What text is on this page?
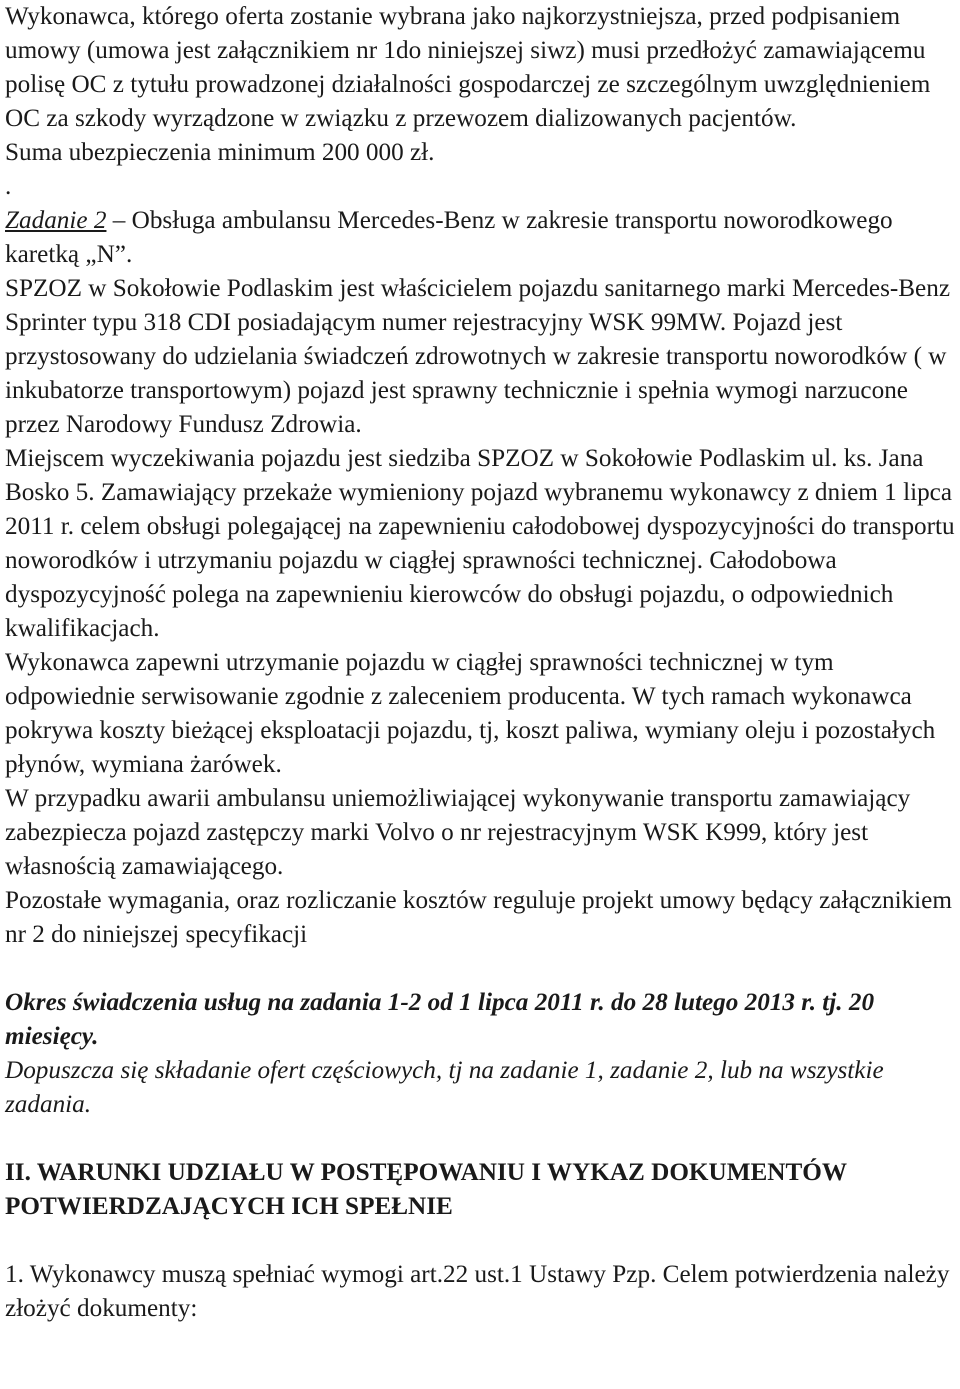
Wykonawca, którego oferta zostanie wybrana jako najkorzystniejsza, przed podpisaniem umowy (umowa jest załącznikiem nr 1do niniejszej siwz) musi przedłożyć zamawiającemu polisę OC z tytułu prowadzonej działalności gospodarczej ze szczególnym uwzględnieniem OC za szkody wyrządzone w związku z przewozem dializowanych pacjentów.

Suma ubezpieczenia minimum 200 000 zł.

.

Zadanie 2 – Obsługa ambulansu Mercedes-Benz w zakresie transportu noworodkowego karetką „N”.

SPZOZ w Sokołowie Podlaskim jest właścicielem pojazdu sanitarnego marki Mercedes-Benz Sprinter typu 318 CDI posiadającym numer rejestracyjny WSK 99MW. Pojazd jest przystosowany do udzielania świadczeń zdrowotnych w zakresie transportu noworodków ( w inkubatorze transportowym) pojazd jest sprawny technicznie i spełnia wymogi narzucone przez Narodowy Fundusz Zdrowia.

Miejscem wyczekiwania pojazdu jest siedziba SPZOZ w Sokołowie Podlaskim ul. ks. Jana Bosko 5. Zamawiający przekaże wymieniony pojazd wybranemu wykonawcy z dniem 1 lipca 2011 r. celem obsługi polegającej na zapewnieniu całodobowej dyspozycyjności do transportu noworodków i utrzymaniu pojazdu w ciągłej sprawności technicznej. Całodobowa dyspozycyjność polega na zapewnieniu kierowców do obsługi pojazdu, o odpowiednich kwalifikacjach.

Wykonawca zapewni utrzymanie pojazdu w ciągłej sprawności technicznej w tym odpowiednie serwisowanie zgodnie z zaleceniem producenta. W tych ramach wykonawca pokrywa koszty bieżącej eksploatacji pojazdu, tj, koszt paliwa, wymiany oleju i pozostałych płynów, wymiana żarówek.

W przypadku awarii ambulansu uniemożliwiającej wykonywanie transportu zamawiający zabezpiecza pojazd zastępczy marki Volvo o nr rejestracyjnym WSK K999, który jest własnością zamawiającego.

Pozostałe wymagania, oraz rozliczanie kosztów reguluje projekt umowy będący załącznikiem nr 2 do niniejszej specyfikacji

Okres świadczenia usług na zadania 1-2 od 1 lipca 2011 r. do 28 lutego 2013 r. tj. 20 miesięcy.

Dopuszcza się składanie ofert częściowych, tj na zadanie 1, zadanie 2, lub na wszystkie zadania.

II. WARUNKI UDZIAŁU W POSTĘPOWANIU I WYKAZ DOKUMENTÓW POTWIERDZAJĄCYCH ICH SPEŁNIE

1. Wykonawcy muszą spełniać wymogi art.22 ust.1 Ustawy Pzp. Celem potwierdzenia należy złożyć dokumenty:
